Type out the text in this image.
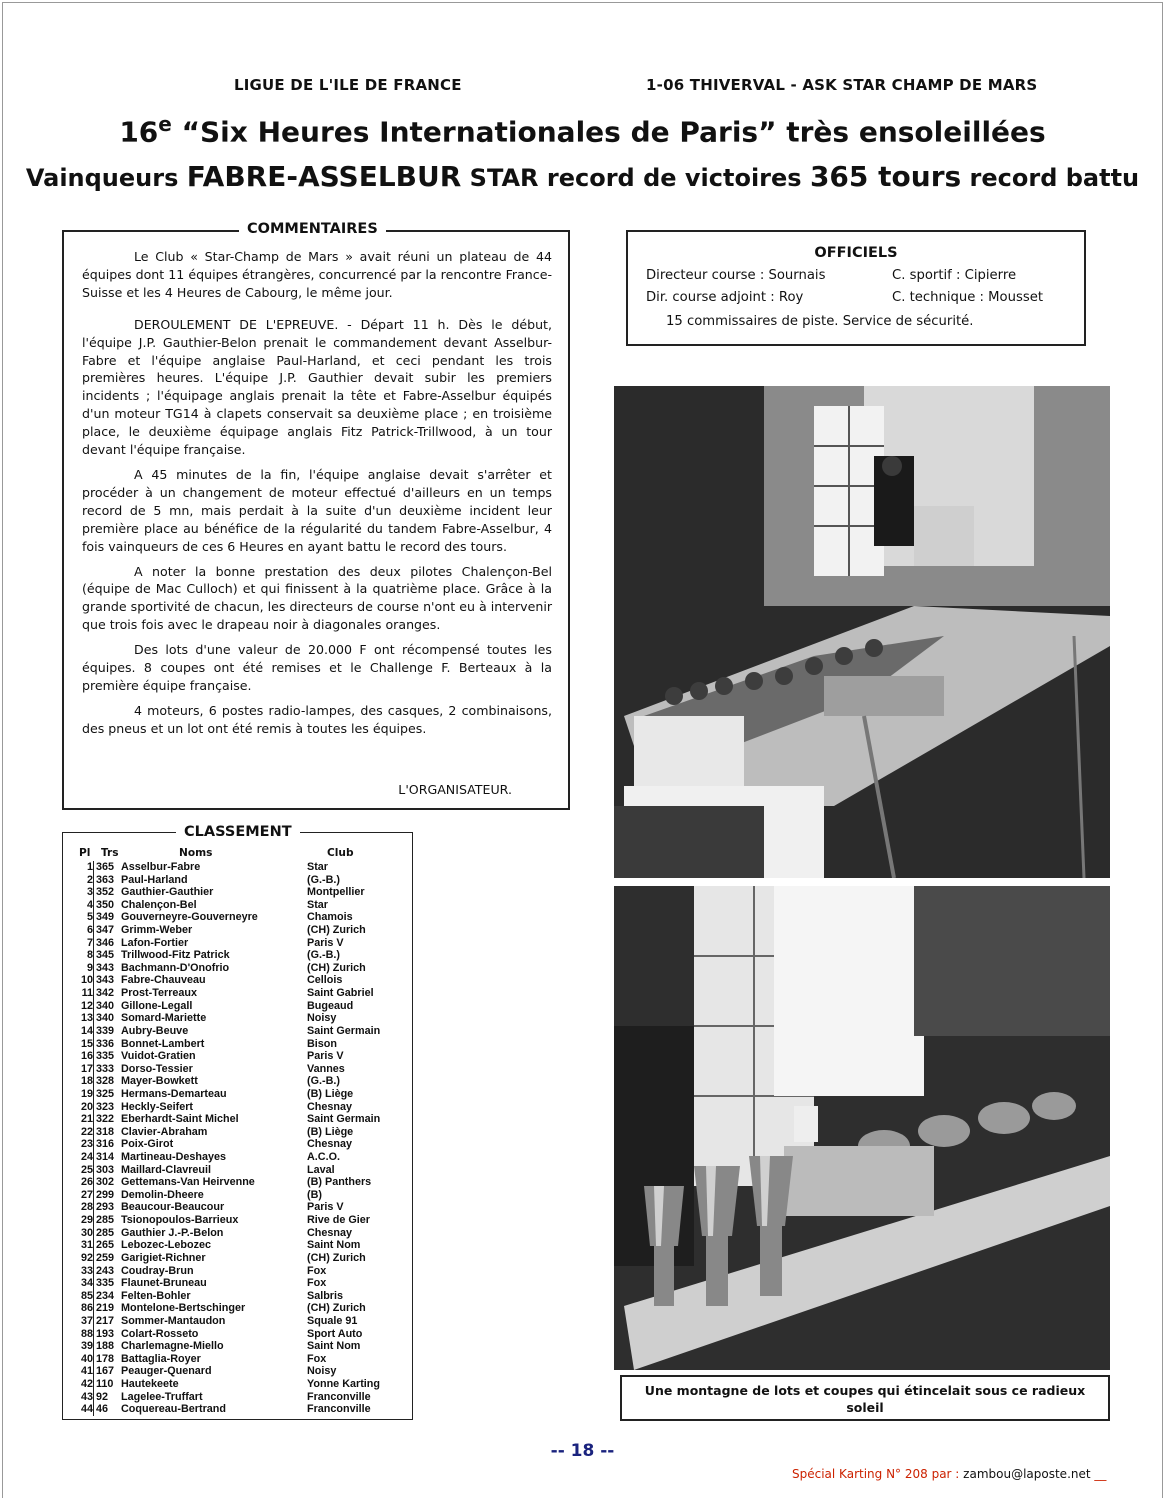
LIGUE DE L'ILE DE FRANCE	1-06 THIVERVAL - ASK STAR CHAMP DE MARS
16e “Six Heures Internationales de Paris” très ensoleillées
Vainqueurs FABRE-ASSELBUR STAR record de victoires 365 tours record battu
COMMENTAIRES

Le Club « Star-Champ de Mars » avait réuni un plateau de 44 équipes dont 11 équipes étrangères, concurrencé par la rencontre France-Suisse et les 4 Heures de Cabourg, le même jour.

DEROULEMENT DE L'EPREUVE. - Départ 11 h. Dès le début, l'équipe J.P. Gauthier-Belon prenait le commandement devant Asselbur-Fabre et l'équipe anglaise Paul-Harland, et ceci pendant les trois premières heures. L'équipe J.P. Gauthier devait subir les premiers incidents ; l'équipage anglais prenait la tête et Fabre-Asselbur équipés d'un moteur TG14 à clapets conservait sa deuxième place ; en troisième place, le deuxième équipage anglais Fitz Patrick-Trillwood, à un tour devant l'équipe française.

A 45 minutes de la fin, l'équipe anglaise devait s'arrêter et procéder à un changement de moteur effectué d'ailleurs en un temps record de 5 mn, mais perdait à la suite d'un deuxième incident leur première place au bénéfice de la régularité du tandem Fabre-Asselbur, 4 fois vainqueurs de ces 6 Heures en ayant battu le record des tours.

A noter la bonne prestation des deux pilotes Chalençon-Bel (équipe de Mac Culloch) et qui finissent à la quatrième place. Grâce à la grande sportivité de chacun, les directeurs de course n'ont eu à intervenir que trois fois avec le drapeau noir à diagonales oranges.

Des lots d'une valeur de 20.000 F ont récompensé toutes les équipes. 8 coupes ont été remises et le Challenge F. Berteaux à la première équipe française.

4 moteurs, 6 postes radio-lampes, des casques, 2 combinaisons, des pneus et un lot ont été remis à toutes les équipes.

L'ORGANISATEUR.
OFFICIELS
Directeur course : Sournais	C. sportif : Cipierre
Dir. course adjoint : Roy	C. technique : Mousset
15 commissaires de piste. Service de sécurité.
Une montagne de lots et coupes qui étincelait sous ce radieux soleil
CLASSEMENT
Pl Trs	Noms	Club
1 365 Asselbur-Fabre	Star
2 363 Paul-Harland	(G.-B.)
3 352 Gauthier-Gauthier	Montpellier
4 350 Chalençon-Bel	Star
5 349 Gouverneyre-Gouverneyre	Chamois
6 347 Grimm-Weber	(CH) Zurich
7 346 Lafon-Fortier	Paris V
8 345 Trillwood-Fitz Patrick	(G.-B.)
9 343 Bachmann-D'Onofrio	(CH) Zurich
10 343 Fabre-Chauveau	Cellois
11 342 Prost-Terreaux	Saint Gabriel
12 340 Gillone-Legall	Bugeaud
13 340 Somard-Mariette	Noisy
14 339 Aubry-Beuve	Saint Germain
15 336 Bonnet-Lambert	Bison
16 335 Vuidot-Gratien	Paris V
17 333 Dorso-Tessier	Vannes
18 328 Mayer-Bowkett	(G.-B.)
19 325 Hermans-Demarteau	(B) Liège
20 323 Heckly-Seifert	Chesnay
21 322 Eberhardt-Saint Michel	Saint Germain
22 318 Clavier-Abraham	(B) Liège
23 316 Poix-Girot	Chesnay
24 314 Martineau-Deshayes	A.C.O.
25 303 Maillard-Clavreuil	Laval
26 302 Gettemans-Van Heirvenne	(B) Panthers
27 299 Demolin-Dheere	(B)
28 293 Beaucour-Beaucour	Paris V
29 285 Tsionopoulos-Barrieux	Rive de Gier
30 285 Gauthier J.-P.-Belon	Chesnay
31 265 Lebozec-Lebozec	Saint Nom
92 259 Garigiet-Richner	(CH) Zurich
33 243 Coudray-Brun	Fox
34 335 Flaunet-Bruneau	Fox
85 234 Felten-Bohler	Salbris
86 219 Montelone-Bertschinger	(CH) Zurich
37 217 Sommer-Mantaudon	Squale 91
88 193 Colart-Rosseto	Sport Auto
39 188 Charlemagne-Miello	Saint Nom
40 178 Battaglia-Royer	Fox
41 167 Peauger-Quenard	Noisy
42 110 Hautekeete	Yonne Karting
43 92	Lagelee-Truffart	Franconville
44 46	Coquereau-Bertrand	Franconville
-- 18 --
Spécial Karting N° 208 par : zambou@laposte.net __
